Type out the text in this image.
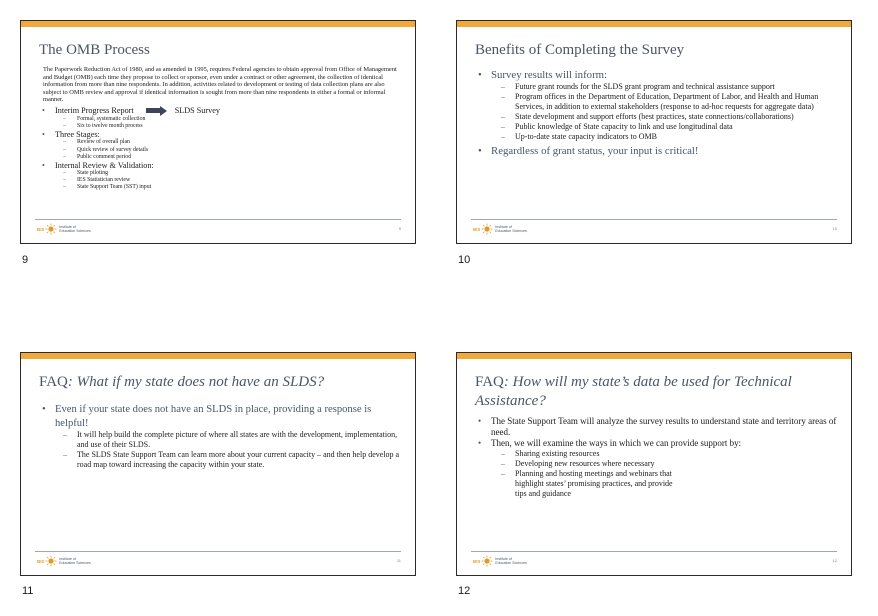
The OMB Process
The Paperwork Reduction Act of 1980, and as amended in 1995, requires Federal agencies to obtain approval from Office of Management and Budget (OMB) each time they propose to collect or sponsor, even under a contract or other agreement, the collection of identical information from more than nine respondents. In addition, activities related to development or testing of data collection plans are also subject to OMB review and approval if identical information is sought from more than nine respondents in either a formal or informal manner.
• Interim Progress Report	SLDS Survey
– Formal, systematic collection
– Six to twelve month process
• Three Stages:
– Review of overall plan
– Quick review of survey details
– Public comment period
• Internal Review & Validation:
– State piloting
– IES Statistician review
– State Support Team (SST) input
IES	Institute of
Education Sciences	9
9
Benefits of Completing the Survey
• Survey results will inform:
– Future grant rounds for the SLDS grant program and technical assistance support
– Program offices in the Department of Education, Department of Labor, and Health and Human Services, in addition to external stakeholders (response to ad-hoc requests for aggregate data)
– State development and support efforts (best practices, state connections/collaborations)
– Public knowledge of State capacity to link and use longitudinal data
– Up-to-date state capacity indicators to OMB
• Regardless of grant status, your input is critical!
IES	Institute of
Education Sciences	10
10
FAQ: What if my state does not have an SLDS?
• Even if your state does not have an SLDS in place, providing a response is helpful!
– It will help build the complete picture of where all states are with the development, implementation, and use of their SLDS.
– The SLDS State Support Team can learn more about your current capacity – and then help develop a road map toward increasing the capacity within your state.
IES	Institute of
Education Sciences	11
11
FAQ: How will my state’s data be used for Technical Assistance?
• The State Support Team will analyze the survey results to understand state and territory areas of need.
• Then, we will examine the ways in which we can provide support by:
– Sharing existing resources
– Developing new resources where necessary
– Planning and hosting meetings and webinars that highlight states’ promising practices, and provide tips and guidance
IES	Institute of
Education Sciences	12
12
